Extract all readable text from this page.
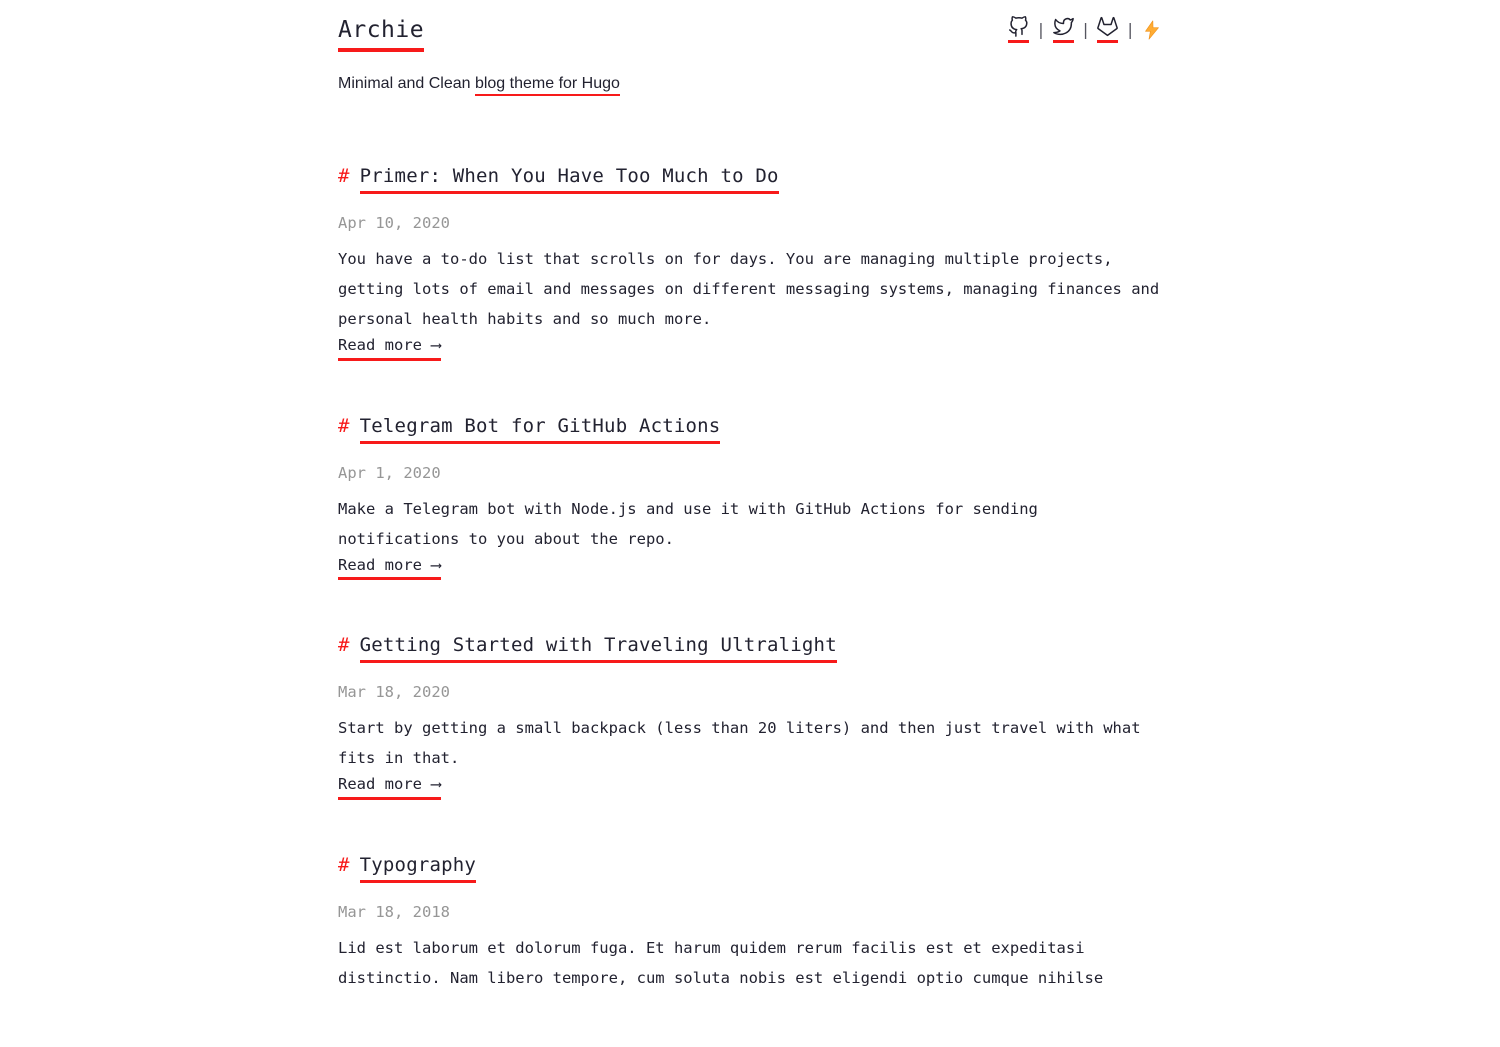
Archie	| | |

Minimal and Clean blog theme for Hugo

# Primer: When You Have Too Much to Do

Apr 10, 2020

You have a to-do list that scrolls on for days. You are managing multiple projects, getting lots of email and messages on different messaging systems, managing finances and personal health habits and so much more.

Read more ⟶
# Telegram Bot for GitHub Actions

Apr 1, 2020

Make a Telegram bot with Node.js and use it with GitHub Actions for sending notifications to you about the repo.

Read more ⟶
# Getting Started with Traveling Ultralight

Mar 18, 2020

Start by getting a small backpack (less than 20 liters) and then just travel with what fits in that.

Read more ⟶
# Typography

Mar 18, 2018

Lid est laborum et dolorum fuga. Et harum quidem rerum facilis est et expeditasi distinctio. Nam libero tempore, cum soluta nobis est eligendi optio cumque nihilse
